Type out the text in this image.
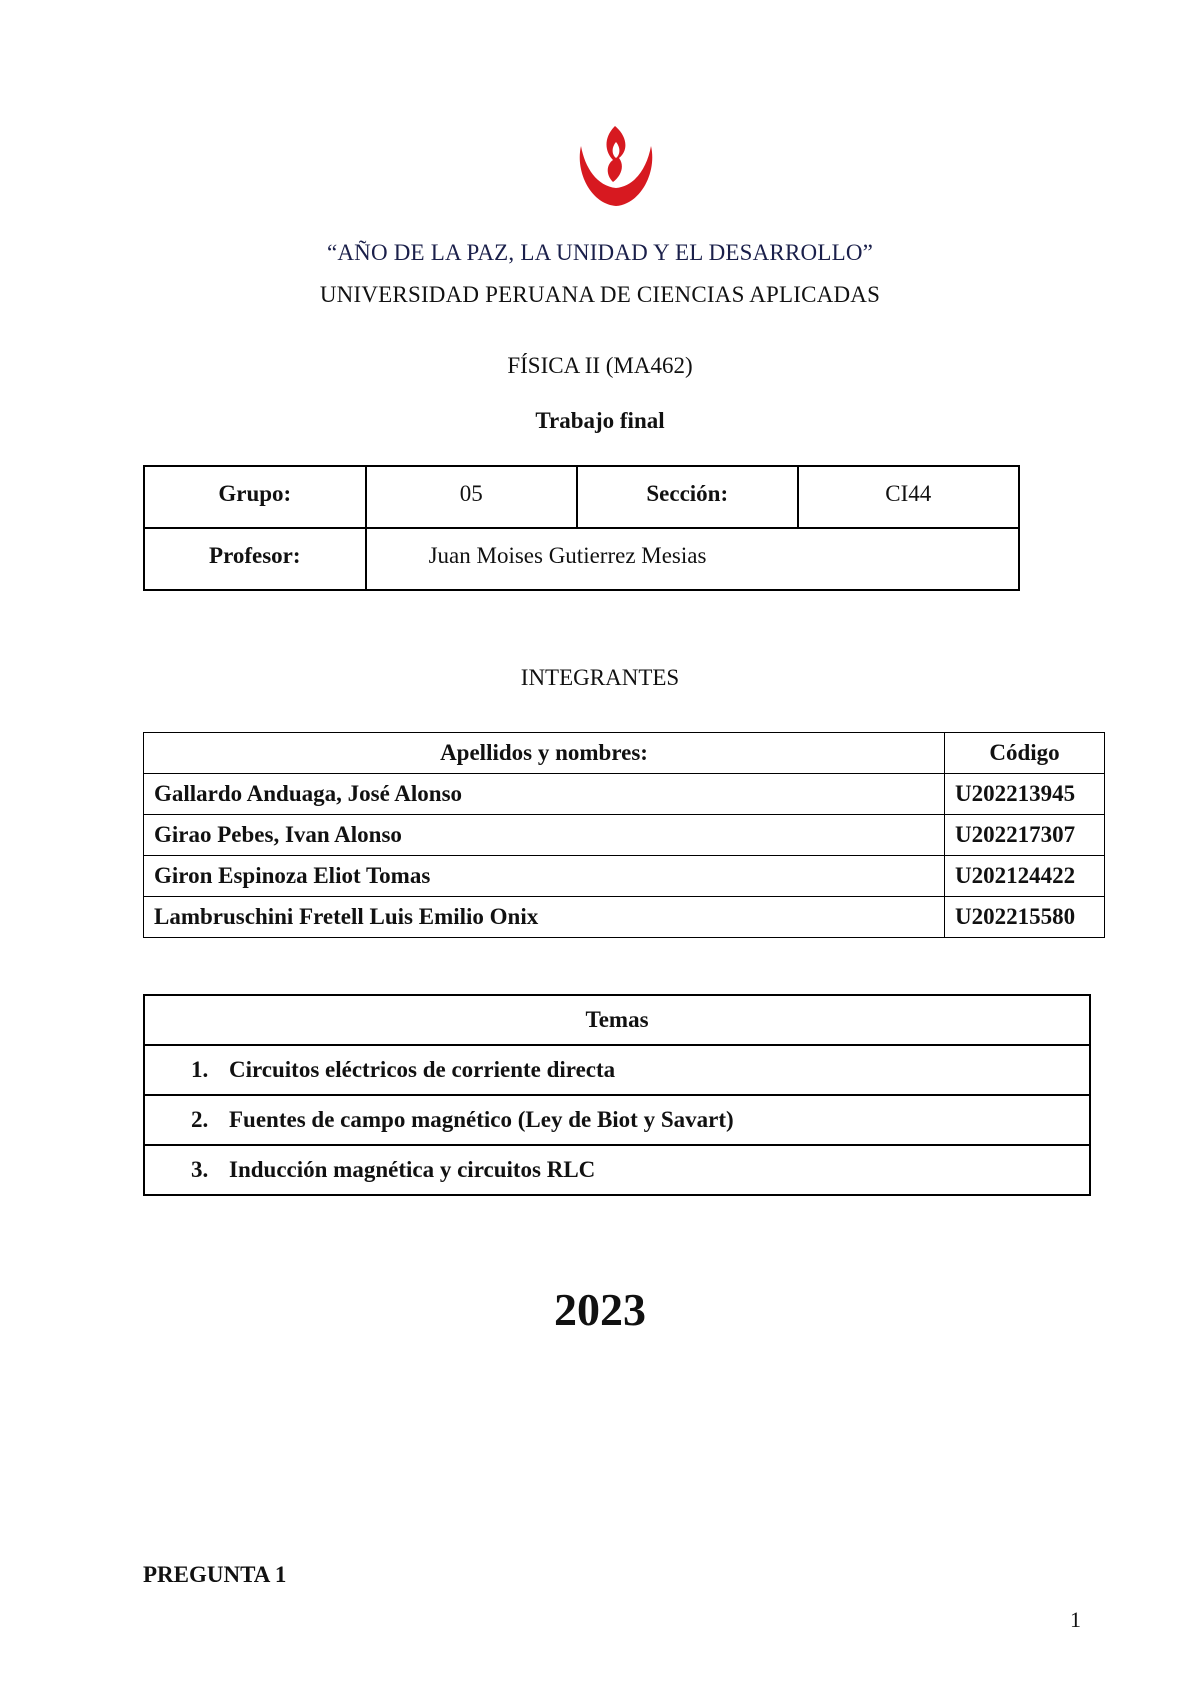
“AÑO DE LA PAZ, LA UNIDAD Y EL DESARROLLO”
UNIVERSIDAD PERUANA DE CIENCIAS APLICADAS
FÍSICA II (MA462)
Trabajo final
Grupo:	05	Sección:	CI44
Profesor:	Juan Moises Gutierrez Mesias		
INTEGRANTES
Apellidos y nombres:	Código
Gallardo Anduaga, José Alonso	U202213945
Girao Pebes, Ivan Alonso	U202217307
Giron Espinoza Eliot Tomas	U202124422
Lambruschini Fretell Luis Emilio Onix	U202215580
Temas
1. Circuitos eléctricos de corriente directa
2. Fuentes de campo magnético (Ley de Biot y Savart)
3. Inducción magnética y circuitos RLC
2023
PREGUNTA 1
1
